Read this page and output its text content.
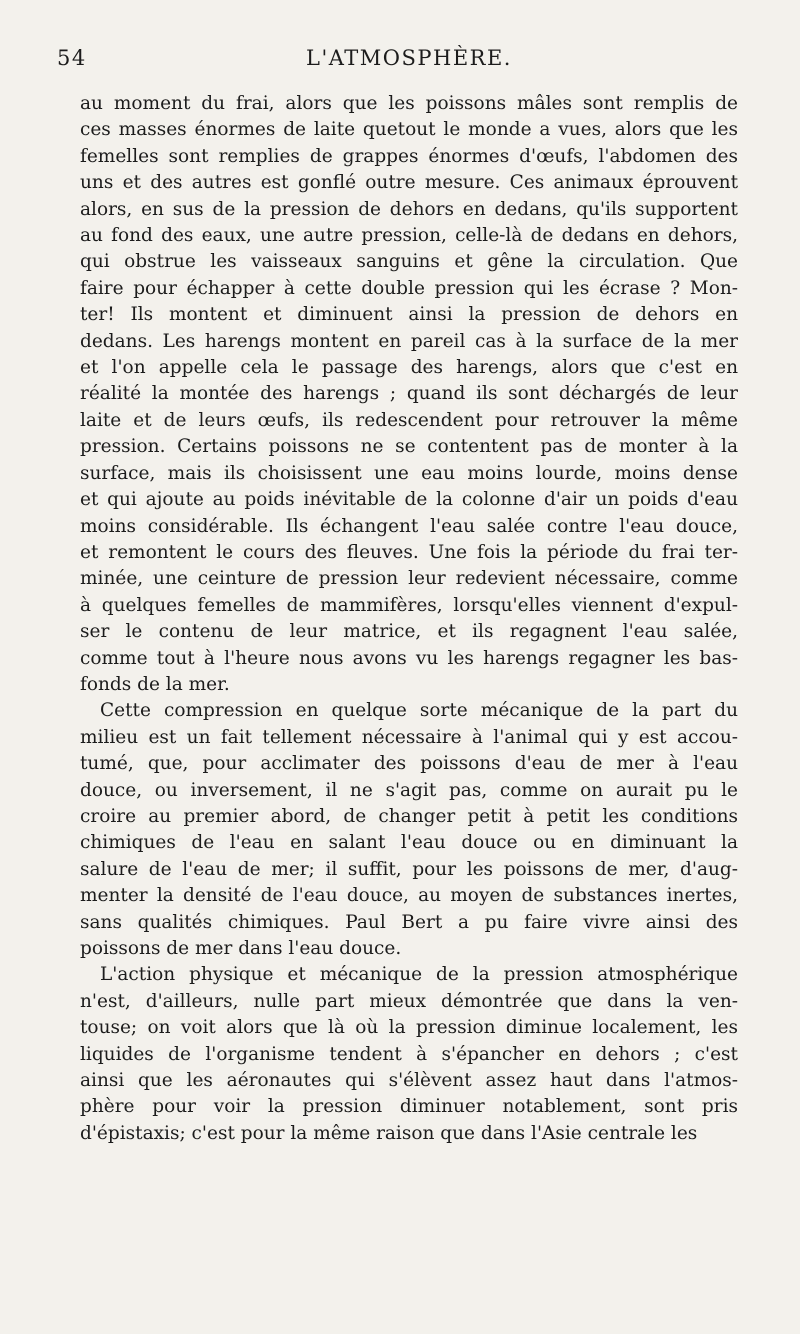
54	L'ATMOSPHÈRE.

au moment du frai, alors que les poissons mâles sont remplis de
ces masses énormes de laite quetout le monde a vues, alors que les
femelles sont remplies de grappes énormes d'œufs, l'abdomen des
uns et des autres est gonflé outre mesure. Ces animaux éprouvent
alors, en sus de la pression de dehors en dedans, qu'ils supportent
au fond des eaux, une autre pression, celle-là de dedans en dehors,
qui obstrue les vaisseaux sanguins et gêne la circulation. Que
faire pour échapper à cette double pression qui les écrase ? Mon-
ter! Ils montent et diminuent ainsi la pression de dehors en
dedans. Les harengs montent en pareil cas à la surface de la mer
et l'on appelle cela le passage des harengs, alors que c'est en
réalité la montée des harengs ; quand ils sont déchargés de leur
laite et de leurs œufs, ils redescendent pour retrouver la même
pression. Certains poissons ne se contentent pas de monter à la
surface, mais ils choisissent une eau moins lourde, moins dense
et qui ajoute au poids inévitable de la colonne d'air un poids d'eau
moins considérable. Ils échangent l'eau salée contre l'eau douce,
et remontent le cours des fleuves. Une fois la période du frai ter-
minée, une ceinture de pression leur redevient nécessaire, comme
à quelques femelles de mammifères, lorsqu'elles viennent d'expul-
ser le contenu de leur matrice, et ils regagnent l'eau salée,
comme tout à l'heure nous avons vu les harengs regagner les bas-
fonds de la mer.

Cette compression en quelque sorte mécanique de la part du
milieu est un fait tellement nécessaire à l'animal qui y est accou-
tumé, que, pour acclimater des poissons d'eau de mer à l'eau
douce, ou inversement, il ne s'agit pas, comme on aurait pu le
croire au premier abord, de changer petit à petit les conditions
chimiques de l'eau en salant l'eau douce ou en diminuant la
salure de l'eau de mer; il suffit, pour les poissons de mer, d'aug-
menter la densité de l'eau douce, au moyen de substances inertes,
sans qualités chimiques. Paul Bert a pu faire vivre ainsi des
poissons de mer dans l'eau douce.

L'action physique et mécanique de la pression atmosphérique
n'est, d'ailleurs, nulle part mieux démontrée que dans la ven-
touse; on voit alors que là où la pression diminue localement, les
liquides de l'organisme tendent à s'épancher en dehors ; c'est
ainsi que les aéronautes qui s'élèvent assez haut dans l'atmos-
phère pour voir la pression diminuer notablement, sont pris
d'épistaxis; c'est pour la même raison que dans l'Asie centrale les
